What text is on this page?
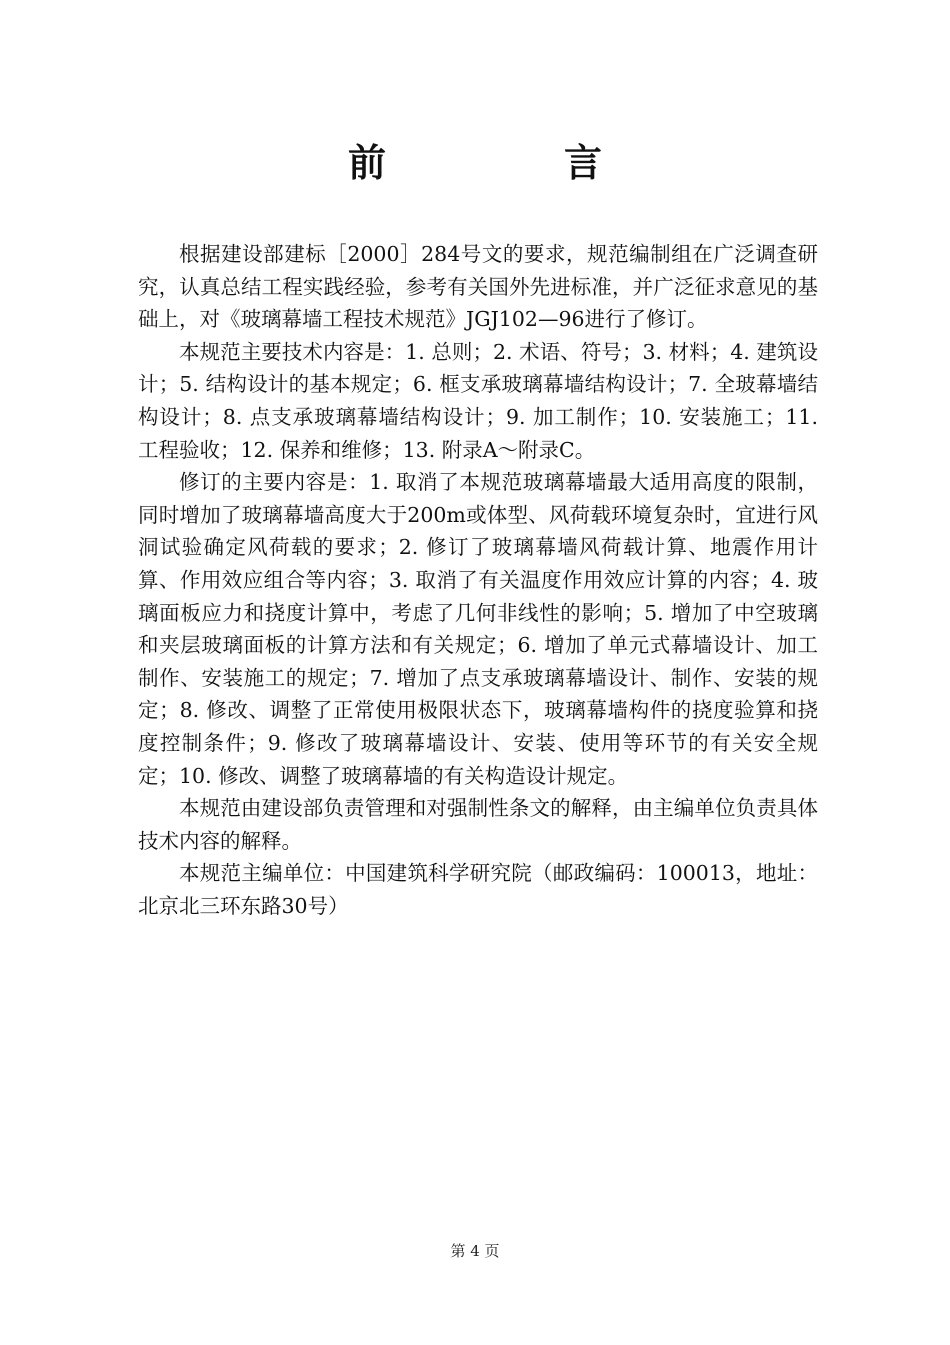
前　言

根据建设部建标［2000］284号文的要求，规范编制组在广泛调查研究，认真总结工程实践经验，参考有关国外先进标准，并广泛征求意见的基础上，对《玻璃幕墙工程技术规范》JGJ102—96进行了修订。

本规范主要技术内容是：1. 总则；2. 术语、符号；3. 材料；4. 建筑设计；5. 结构设计的基本规定；6. 框支承玻璃幕墙结构设计；7. 全玻幕墙结构设计；8. 点支承玻璃幕墙结构设计；9. 加工制作；10. 安装施工；11. 工程验收；12. 保养和维修；13. 附录A～附录C。

修订的主要内容是：1. 取消了本规范玻璃幕墙最大适用高度的限制，同时增加了玻璃幕墙高度大于200m或体型、风荷载环境复杂时，宜进行风洞试验确定风荷载的要求；2. 修订了玻璃幕墙风荷载计算、地震作用计算、作用效应组合等内容；3. 取消了有关温度作用效应计算的内容；4. 玻璃面板应力和挠度计算中，考虑了几何非线性的影响；5. 增加了中空玻璃和夹层玻璃面板的计算方法和有关规定；6. 增加了单元式幕墙设计、加工制作、安装施工的规定；7. 增加了点支承玻璃幕墙设计、制作、安装的规定；8. 修改、调整了正常使用极限状态下，玻璃幕墙构件的挠度验算和挠度控制条件；9. 修改了玻璃幕墙设计、安装、使用等环节的有关安全规定；10. 修改、调整了玻璃幕墙的有关构造设计规定。

本规范由建设部负责管理和对强制性条文的解释，由主编单位负责具体技术内容的解释。

本规范主编单位：中国建筑科学研究院（邮政编码：100013，地址：北京北三环东路30号）

第 4 页
